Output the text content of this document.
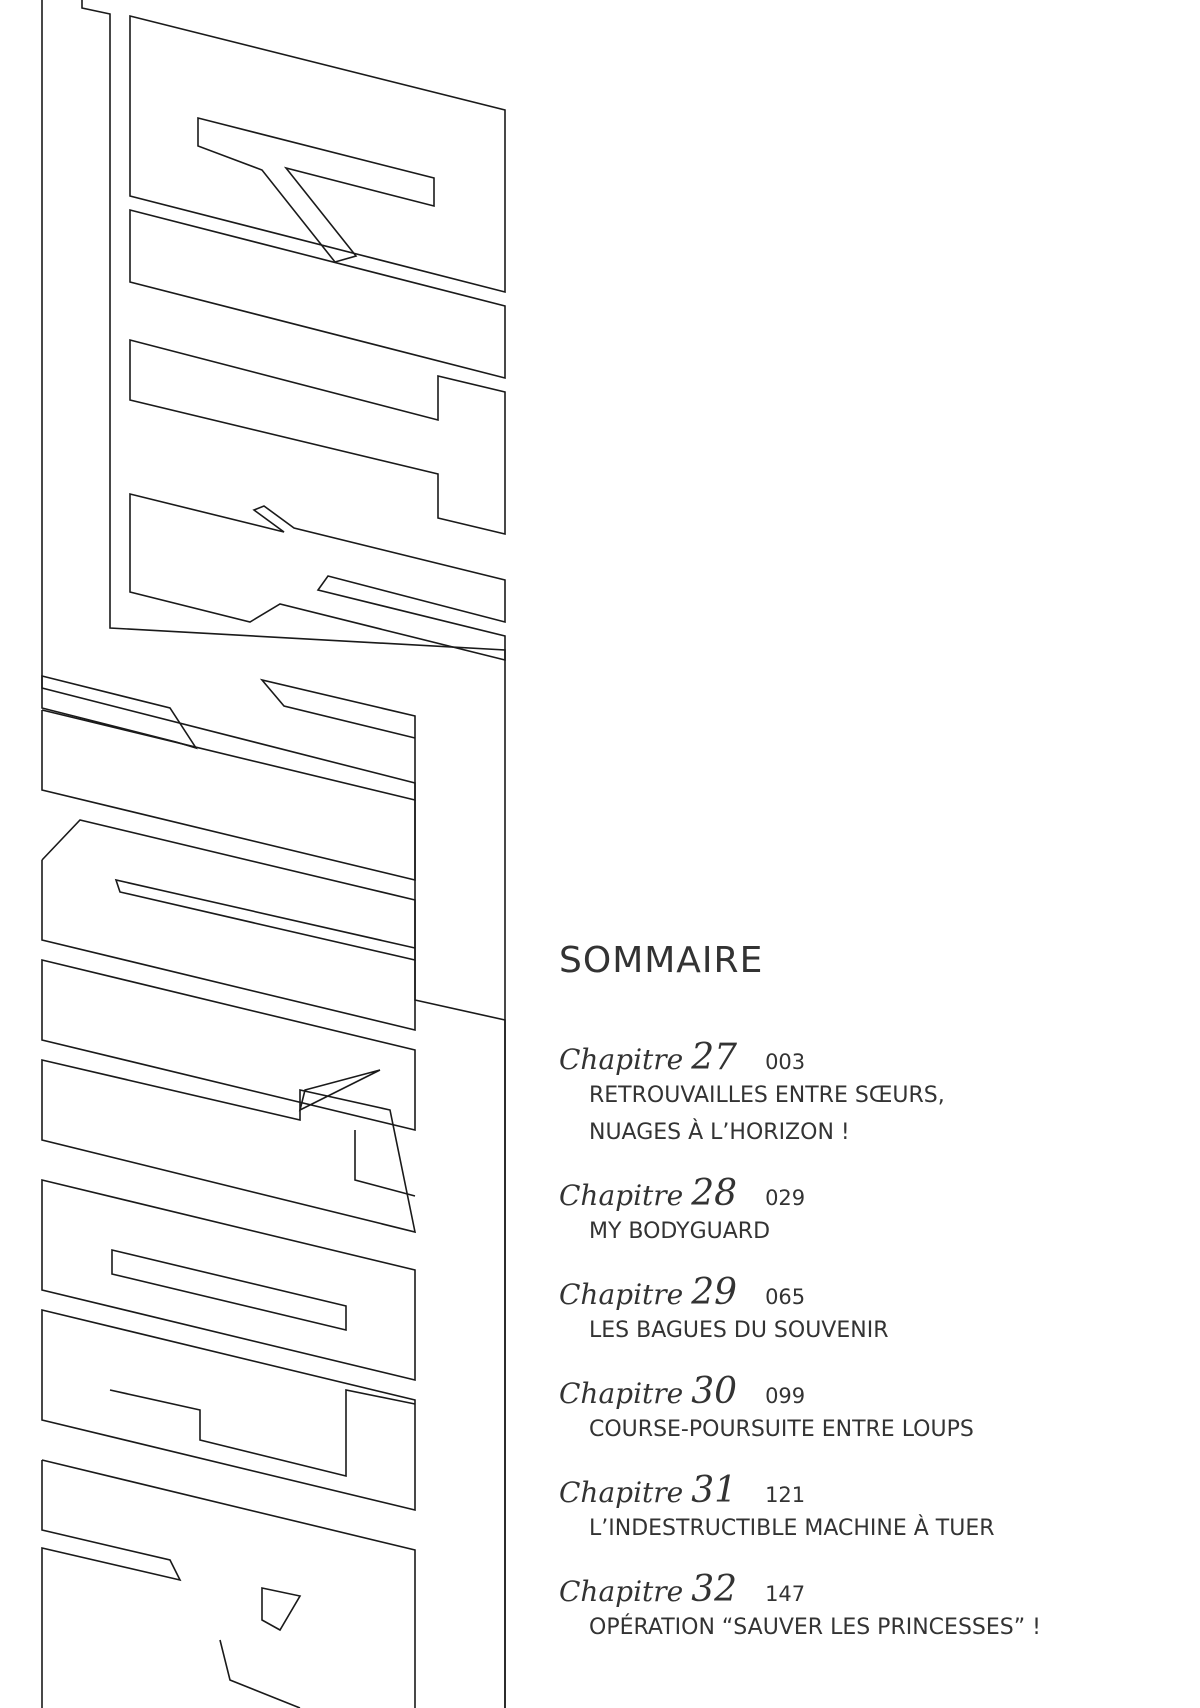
SOMMAIRE
Chapitre 27 003
RETROUVAILLES ENTRE SŒURS,
NUAGES À L’HORIZON !
Chapitre 28 029
MY BODYGUARD
Chapitre 29 065
LES BAGUES DU SOUVENIR
Chapitre 30 099
COURSE-POURSUITE ENTRE LOUPS
Chapitre 31 121
L’INDESTRUCTIBLE MACHINE À TUER
Chapitre 32 147
OPÉRATION “SAUVER LES PRINCESSES” !
